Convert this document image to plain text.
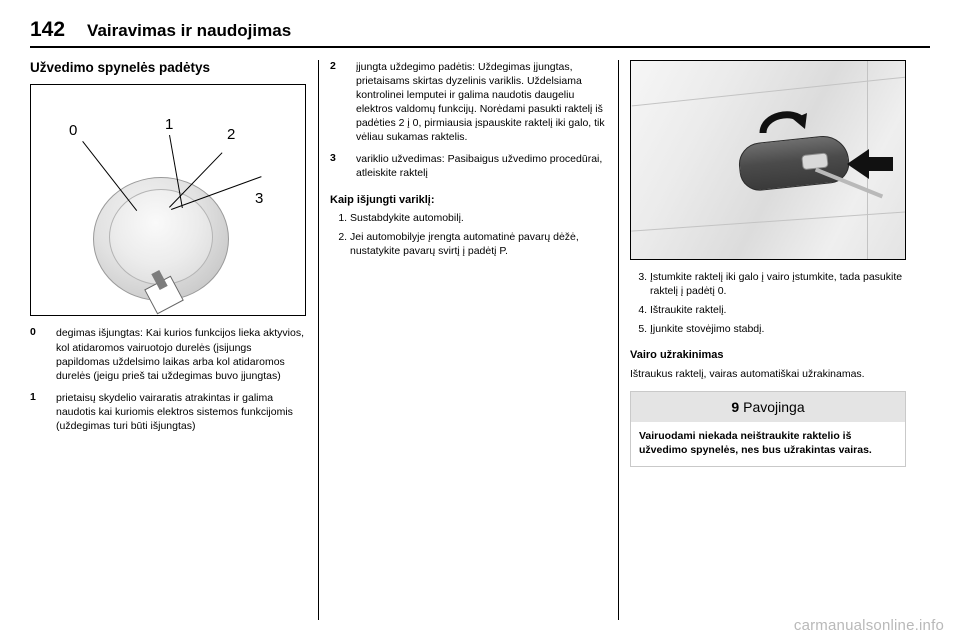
142 Vairavimas ir naudojimas
Užvedimo spynelės padėtys
0	1
2
3
0	degimas išjungtas: Kai kurios funkcijos lieka aktyvios, kol atidaromos vairuotojo durelės (įsijungs papildomas uždelsimo laikas arba kol atidaromos durelės (jeigu prieš tai uždegimas buvo įjungtas)
1	prietaisų skydelio vairaratis atrakintas ir galima naudotis kai kuriomis elektros sistemos funkcijomis (uždegimas turi būti išjungtas)
2	įjungta uždegimo padėtis: Uždegimas įjungtas, prietaisams skirtas dyzelinis variklis. Uždelsiama kontrolinei lemputei ir galima naudotis daugeliu elektros valdomų funkcijų. Norėdami pasukti raktelį iš padėties 2 į 0, pirmiausia įspauskite raktelį iki galo, tik vėliau sukamas raktelis.
3	variklio užvedimas: Pasibaigus užvedimo procedūrai, atleiskite raktelį
Kaip išjungti variklį:
1. Sustabdykite automobilį.
2. Jei automobilyje įrengta automatinė pavarų dėžė, nustatykite pavarų svirtį į padėtį P.
3. Įstumkite raktelį iki galo į vairo įstumkite, tada pasukite raktelį į padėtį 0.
4. Ištraukite raktelį.
5. Įjunkite stovėjimo stabdį.
Vairo užrakinimas

Ištraukus raktelį, vairas automatiškai užrakinamas.

9 Pavojinga
Vairuodami niekada neištraukite raktelio iš užvedimo spynelės, nes bus užrakintas vairas.
carmanualsonline.info
